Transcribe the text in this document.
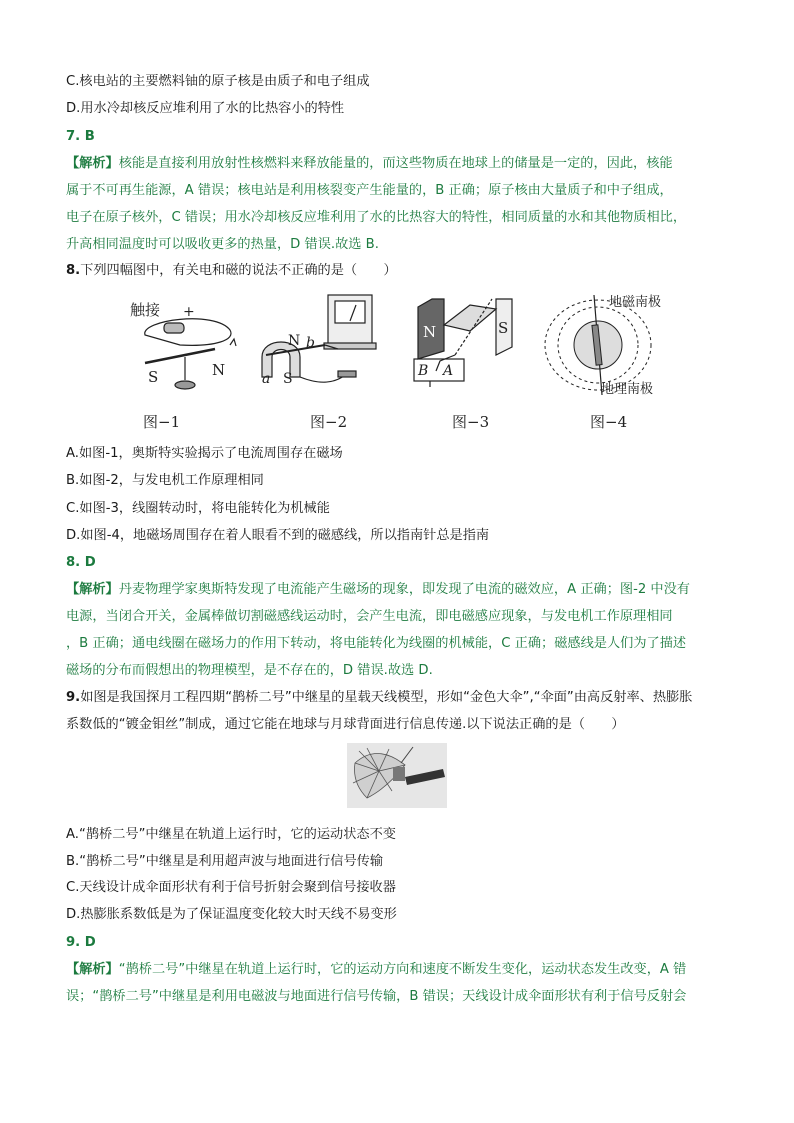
C.核电站的主要燃料铀的原子核是由质子和电子组成
D.用水冷却核反应堆利用了水的比热容小的特性
7. B
【解析】核能是直接利用放射性核燃料来释放能量的，而这些物质在地球上的储量是一定的，因此，核能
属于不可再生能源，A 错误；核电站是利用核裂变产生能量的，B 正确；原子核由大量质子和中子组成，
电子在原子核外，C 错误；用水冷却核反应堆利用了水的比热容大的特性，相同质量的水和其他物质相比，
升高相同温度时可以吸收更多的热量，D 错误.故选 B.
8.下列四幅图中，有关电和磁的说法不正确的是（　　）
触接 +
S	N
N
S
a
b
N	S
A
B
地磁南极
地理南极
图−1	图−2	图−3	图−4
A.如图-1，奥斯特实验揭示了电流周围存在磁场
B.如图-2，与发电机工作原理相同
C.如图-3，线圈转动时，将电能转化为机械能
D.如图-4，地磁场周围存在着人眼看不到的磁感线，所以指南针总是指南
8. D
【解析】丹麦物理学家奥斯特发现了电流能产生磁场的现象，即发现了电流的磁效应，A 正确；图-2 中没有
电源，当闭合开关，金属棒做切割磁感线运动时，会产生电流，即电磁感应现象，与发电机工作原理相同
，B 正确；通电线圈在磁场力的作用下转动，将电能转化为线圈的机械能，C 正确；磁感线是人们为了描述
磁场的分布而假想出的物理模型，是不存在的，D 错误.故选 D.
9.如图是我国探月工程四期“鹊桥二号”中继星的星载天线模型，形如“金色大伞”,“伞面”由高反射率、热膨胀
系数低的“镀金钼丝”制成，通过它能在地球与月球背面进行信息传递.以下说法正确的是（　　）
A.“鹊桥二号”中继星在轨道上运行时，它的运动状态不变
B.“鹊桥二号”中继星是利用超声波与地面进行信号传输
C.天线设计成伞面形状有利于信号折射会聚到信号接收器
D.热膨胀系数低是为了保证温度变化较大时天线不易变形
9. D
【解析】“鹊桥二号”中继星在轨道上运行时，它的运动方向和速度不断发生变化，运动状态发生改变，A 错
误；“鹊桥二号”中继星是利用电磁波与地面进行信号传输，B 错误；天线设计成伞面形状有利于信号反射会
